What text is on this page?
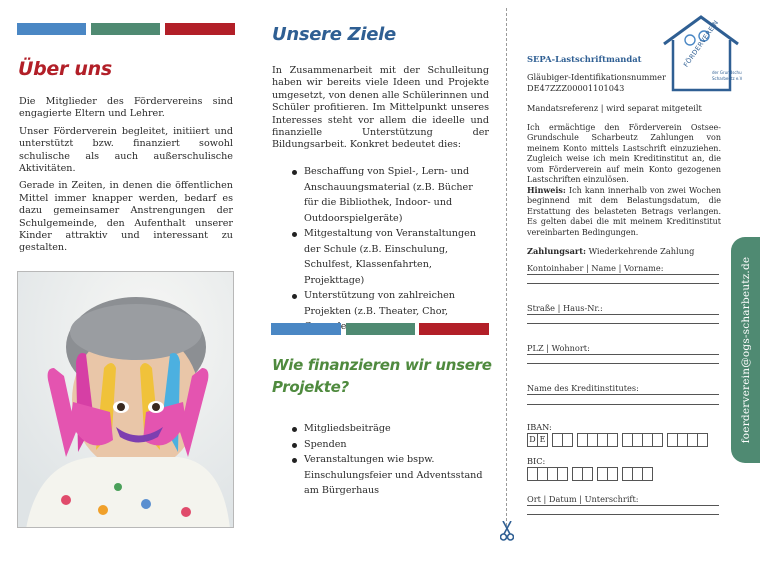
Über uns

Die Mitglieder des Fördervereins sind engagierte Eltern und Lehrer.

Unser Förderverein begleitet, initiiert und unterstützt bzw. finanziert sowohl schulische als auch außerschulische Aktivitäten.

Gerade in Zeiten, in denen die öffentlichen Mittel immer knapper werden, bedarf es dazu gemeinsamer Anstrengungen der Schulgemeinde, den Aufenthalt unserer Kinder attraktiv und interessant zu gestalten.

Unsere Ziele
In Zusammenarbeit mit der Schulleitung haben wir bereits viele Ideen und Projekte umgesetzt, von denen alle Schülerinnen und Schüler profitieren. Im Mittelpunkt unseres Interesses steht vor allem die ideelle und finanzielle Unterstützung der Bildungsarbeit. Konkret bedeutet dies:
Beschaffung von Spiel-, Lern- und Anschauungsmaterial (z.B. Bücher für die Bibliothek, Indoor- und Outdoorspielgeräte)
Mitgestaltung von Veranstaltungen der Schule (z.B. Einschulung, Schulfest, Klassenfahrten, Projekttage)
Unterstützung von zahlreichen Projekten (z.B. Theater, Chor,
Wie finanzieren wir unsere
Projekte?
Mitgliedsbeiträge
Spenden
Veranstaltungen wie bspw. Einschulungsfeier und Adventsstand am Bürgerhaus
der Grundschule
Scharbeutz e.V.
FÖRDERVEREIN
SEPA-Lastschriftmandat
Gläubiger-Identifikationsnummer
DE47ZZZ00001101043
Mandatsreferenz | wird separat mitgeteilt
Ich ermächtige den Förderverein Ostsee-Grundschule Scharbeutz Zahlungen von meinem Konto mittels Lastschrift einzuziehen. Zugleich weise ich mein Kreditinstitut an, die vom Förderverein auf mein Konto gezogenen Lastschriften einzulösen.
Hinweis: Ich kann innerhalb von zwei Wochen beginnend mit dem Belastungsdatum, die Erstattung des belasteten Betrags verlangen. Es gelten dabei die mit meinem Kreditinstitut vereinbarten Bedingungen.
Zahlungsart: Wiederkehrende Zahlung
Kontoinhaber | Name | Vorname:
Straße | Haus-Nr.:
PLZ | Wohnort:
Name des Kreditinstitutes:
IBAN:
D E
BIC:
Ort | Datum | Unterschrift:
foerderverein@ogs-scharbeutz.de
